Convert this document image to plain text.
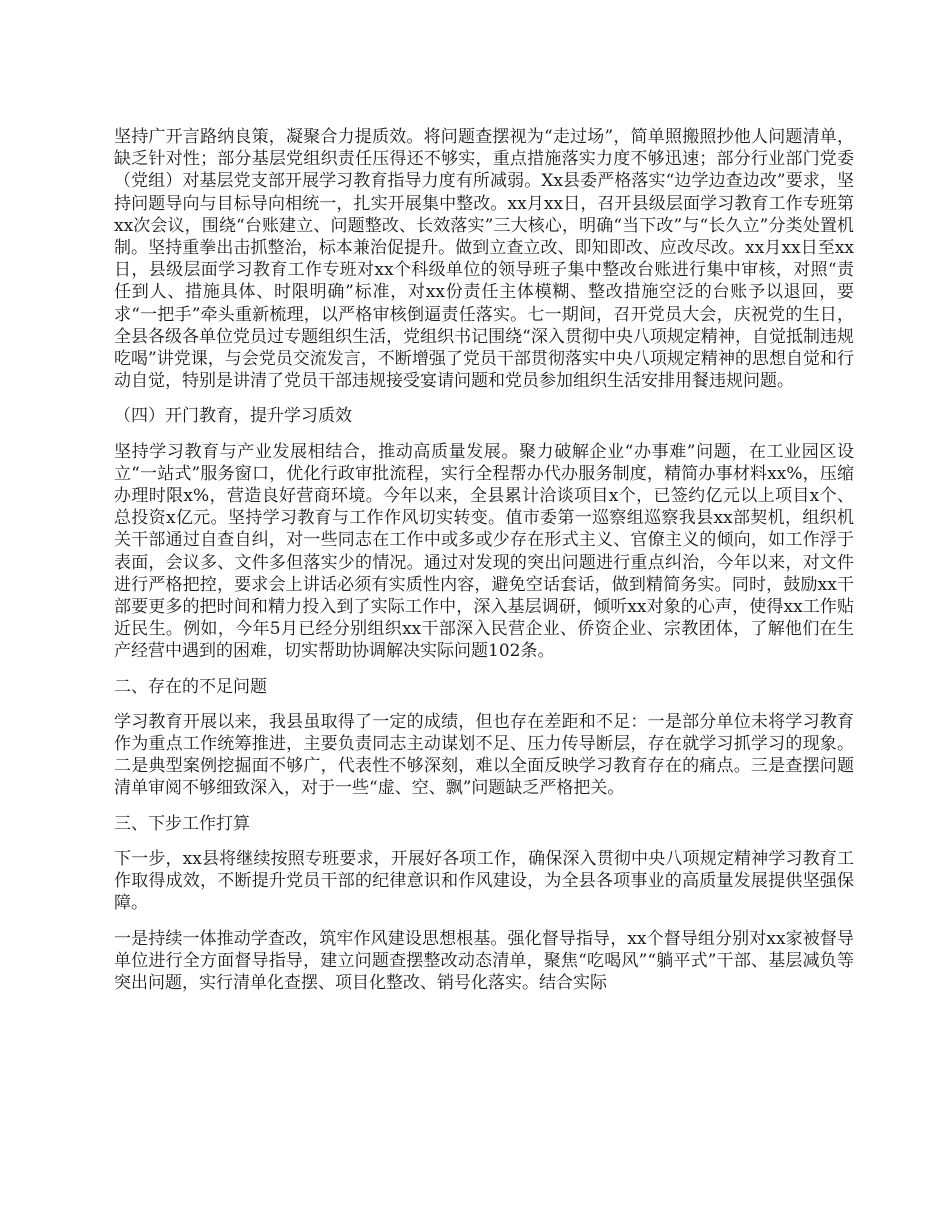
坚持广开言路纳良策，凝聚合力提质效。将问题查摆视为“走过场”，简单照搬照抄他人问题清单，缺乏针对性；部分基层党组织责任压得还不够实，重点措施落实力度不够迅速；部分行业部门党委（党组）对基层党支部开展学习教育指导力度有所减弱。Xx县委严格落实“边学边查边改”要求，坚持问题导向与目标导向相统一，扎实开展集中整改。xx月xx日，召开县级层面学习教育工作专班第xx次会议，围绕“台账建立、问题整改、长效落实”三大核心，明确“当下改”与“长久立”分类处置机制。坚持重拳出击抓整治，标本兼治促提升。做到立查立改、即知即改、应改尽改。xx月xx日至xx日，县级层面学习教育工作专班对xx个科级单位的领导班子集中整改台账进行集中审核，对照“责任到人、措施具体、时限明确”标准，对xx份责任主体模糊、整改措施空泛的台账予以退回，要求“一把手”牵头重新梳理，以严格审核倒逼责任落实。七一期间，召开党员大会，庆祝党的生日，全县各级各单位党员过专题组织生活，党组织书记围绕“深入贯彻中央八项规定精神，自觉抵制违规吃喝”讲党课，与会党员交流发言，不断增强了党员干部贯彻落实中央八项规定精神的思想自觉和行动自觉，特别是讲清了党员干部违规接受宴请问题和党员参加组织生活安排用餐违规问题。

（四）开门教育，提升学习质效

坚持学习教育与产业发展相结合，推动高质量发展。聚力破解企业“办事难”问题，在工业园区设立“一站式”服务窗口，优化行政审批流程，实行全程帮办代办服务制度，精简办事材料xx%，压缩办理时限x%，营造良好营商环境。今年以来，全县累计洽谈项目x个，已签约亿元以上项目x个、总投资x亿元。坚持学习教育与工作作风切实转变。值市委第一巡察组巡察我县xx部契机，组织机关干部通过自查自纠，对一些同志在工作中或多或少存在形式主义、官僚主义的倾向，如工作浮于表面，会议多、文件多但落实少的情况。通过对发现的突出问题进行重点纠治，今年以来，对文件进行严格把控，要求会上讲话必须有实质性内容，避免空话套话，做到精简务实。同时，鼓励xx干部要更多的把时间和精力投入到了实际工作中，深入基层调研，倾听xx对象的心声，使得xx工作贴近民生。例如，今年5月已经分别组织xx干部深入民营企业、侨资企业、宗教团体，了解他们在生产经营中遇到的困难，切实帮助协调解决实际问题102条。

二、存在的不足问题

学习教育开展以来，我县虽取得了一定的成绩，但也存在差距和不足：一是部分单位未将学习教育作为重点工作统筹推进，主要负责同志主动谋划不足、压力传导断层，存在就学习抓学习的现象。二是典型案例挖掘面不够广，代表性不够深刻，难以全面反映学习教育存在的痛点。三是查摆问题清单审阅不够细致深入，对于一些“虚、空、飘”问题缺乏严格把关。

三、下步工作打算

下一步，xx县将继续按照专班要求，开展好各项工作，确保深入贯彻中央八项规定精神学习教育工作取得成效，不断提升党员干部的纪律意识和作风建设，为全县各项事业的高质量发展提供坚强保障。

一是持续一体推动学查改，筑牢作风建设思想根基。强化督导指导，xx个督导组分别对xx家被督导单位进行全方面督导指导，建立问题查摆整改动态清单，聚焦“吃喝风”“躺平式”干部、基层减负等突出问题，实行清单化查摆、项目化整改、销号化落实。结合实际
